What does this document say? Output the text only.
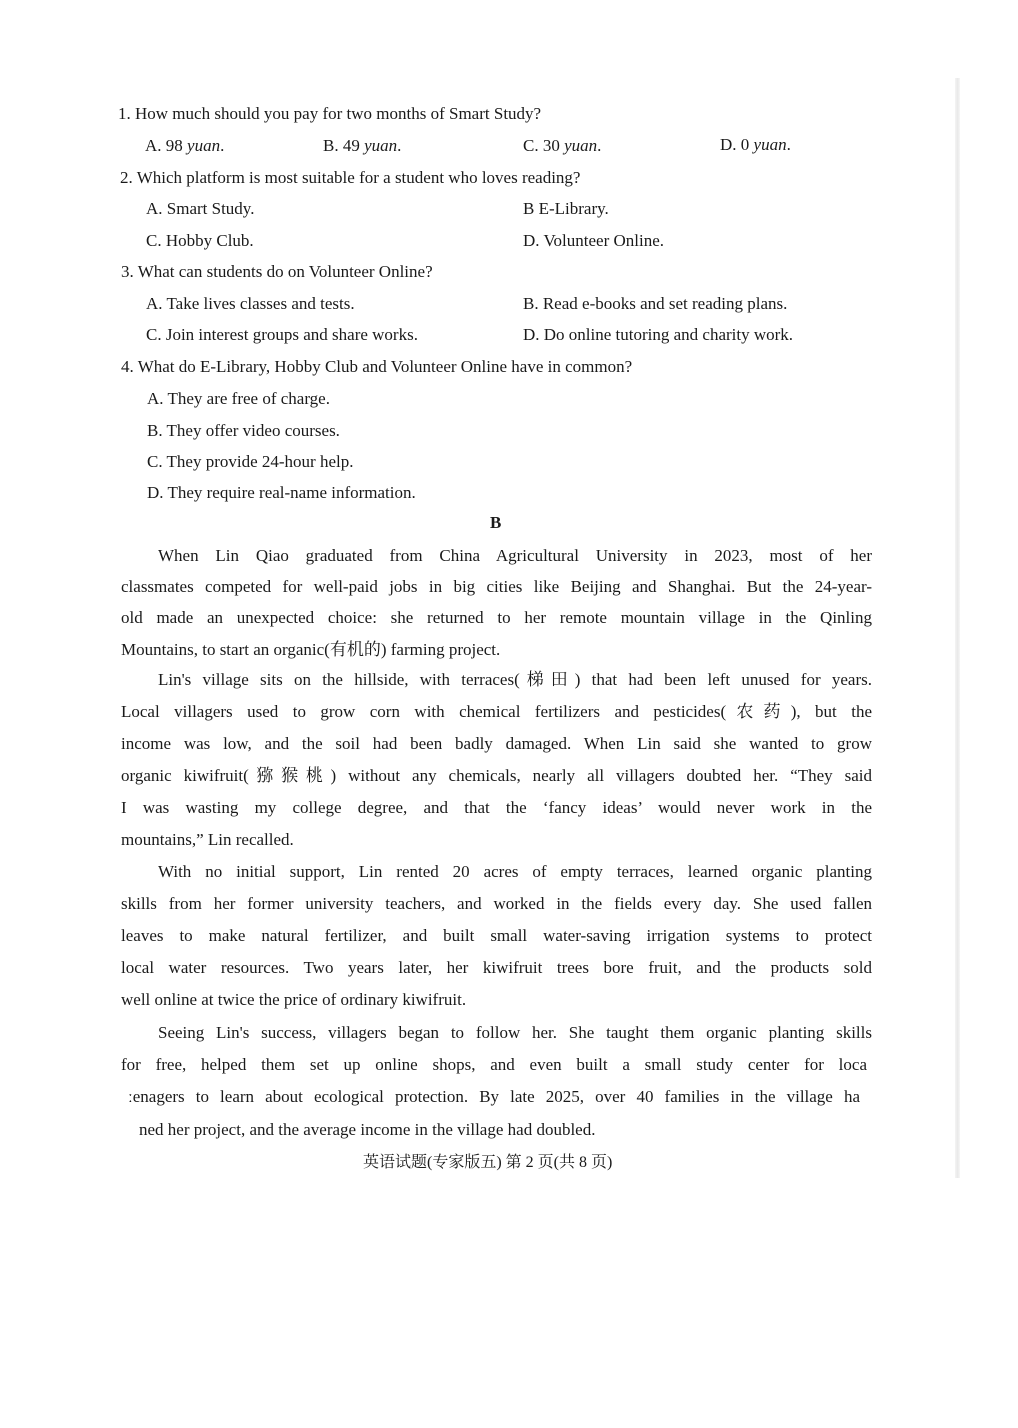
1. How much should you pay for two months of Smart Study?
A. 98 yuan.	B. 49 yuan.	C. 30 yuan.	D. 0 yuan.
2. Which platform is most suitable for a student who loves reading?
A. Smart Study.	B E-Library.
C. Hobby Club.	D. Volunteer Online.
3. What can students do on Volunteer Online?
A. Take lives classes and tests.	B. Read e-books and set reading plans.
C. Join interest groups and share works.	D. Do online tutoring and charity work.
4. What do E-Library, Hobby Club and Volunteer Online have in common?
A. They are free of charge.
B. They offer video courses.
C. They provide 24-hour help.
D. They require real-name information.
B
When Lin Qiao graduated from China Agricultural University in 2023, most of her
classmates competed for well-paid jobs in big cities like Beijing and Shanghai. But the 24-year-
old made an unexpected choice: she returned to her remote mountain village in the Qinling
Mountains, to start an organic(有机的) farming project.
Lin's village sits on the hillside, with terraces(梯田) that had been left unused for years.
Local villagers used to grow corn with chemical fertilizers and pesticides(农药), but the
income was low, and the soil had been badly damaged. When Lin said she wanted to grow
organic kiwifruit(猕猴桃) without any chemicals, nearly all villagers doubted her. “They said
I was wasting my college degree, and that the ‘fancy ideas’ would never work in the
mountains,” Lin recalled.
With no initial support, Lin rented 20 acres of empty terraces, learned organic planting
skills from her former university teachers, and worked in the fields every day. She used fallen
leaves to make natural fertilizer, and built small water-saving irrigation systems to protect
local water resources. Two years later, her kiwifruit trees bore fruit, and the products sold
well online at twice the price of ordinary kiwifruit.
Seeing Lin's success, villagers began to follow her. She taught them organic planting skills
for free, helped them set up online shops, and even built a small study center for loca
ːenagers to learn about ecological protection. By late 2025, over 40 families in the village ha
ned her project, and the average income in the village had doubled.
英语试题(专家版五) 第 2 页(共 8 页)
